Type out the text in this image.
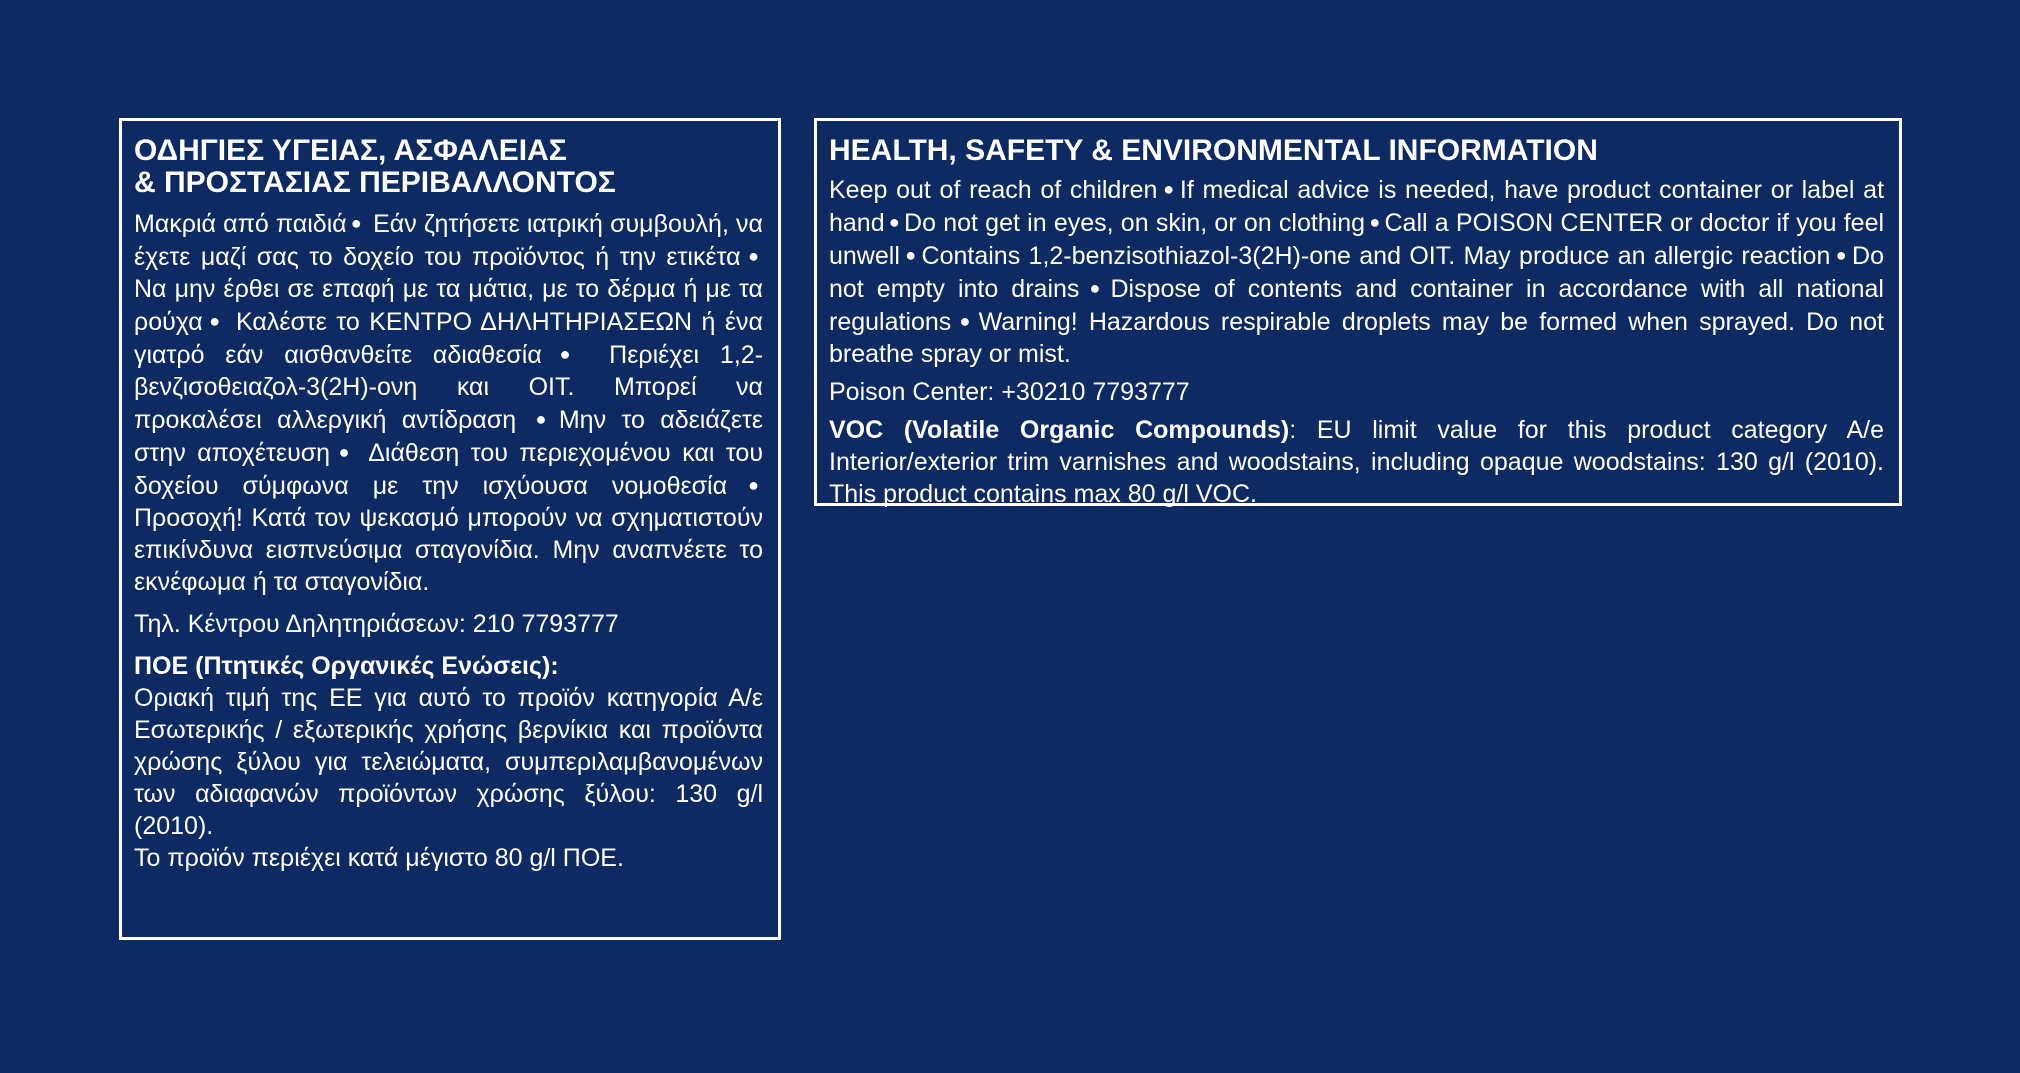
ΟΔΗΓΙΕΣ ΥΓΕΙΑΣ, ΑΣΦΑΛΕΙΑΣ
& ΠΡΟΣΤΑΣΙΑΣ ΠΕΡΙΒΑΛΛΟΝΤΟΣ

Μακριά από παιδιά ● Εάν ζητήσετε ιατρική συμβουλή, να έχετε μαζί σας το δοχείο του προϊόντος ή την ετικέτα ● Να μην έρθει σε επαφή με τα μάτια, με το δέρμα ή με τα ρούχα ● Καλέστε το ΚΕΝΤΡΟ ΔΗΛΗΤΗΡΙΑΣΕΩΝ ή ένα γιατρό εάν αισθανθείτε αδιαθεσία ● Περιέχει 1,2-βενζισοθειαζολ-3(2H)-ονη και OIT. Μπορεί να προκαλέσει αλλεργική αντίδραση ● Μην το αδειάζετε στην αποχέτευση ● Διάθεση του περιεχομένου και του δοχείου σύμφωνα με την ισχύουσα νομοθεσία ● Προσοχή! Κατά τον ψεκασμό μπορούν να σχηματιστούν επικίνδυνα εισπνεύσιμα σταγονίδια. Μην αναπνέετε το εκνέφωμα ή τα σταγονίδια.

Τηλ. Κέντρου Δηλητηριάσεων: 210 7793777

ΠΟΕ (Πτητικές Οργανικές Ενώσεις):

Οριακή τιμή της ΕΕ για αυτό το προϊόν κατηγορία Α/ε Εσωτερικής / εξωτερικής χρήσης βερνίκια και προϊόντα χρώσης ξύλου για τελειώματα, συμπεριλαμβανομένων των αδιαφανών προϊόντων χρώσης ξύλου: 130 g/l (2010).

Το προϊόν περιέχει κατά μέγιστο 80 g/l ΠΟΕ.

HEALTH, SAFETY & ENVIRONMENTAL INFORMATION

Keep out of reach of children ● If medical advice is needed, have product container or label at hand ● Do not get in eyes, on skin, or on clothing ● Call a POISON CENTER or doctor if you feel unwell ● Contains 1,2-benzisothiazol-3(2H)-one and OIT. May produce an allergic reaction ● Do not empty into drains ● Dispose of contents and container in accordance with all national regulations ● Warning! Hazardous respirable droplets may be formed when sprayed. Do not breathe spray or mist.

Poison Center: +30210 7793777

VOC (Volatile Organic Compounds): EU limit value for this product category A/e Interior/exterior trim varnishes and woodstains, including opaque woodstains: 130 g/l (2010). This product contains max 80 g/l VOC.
